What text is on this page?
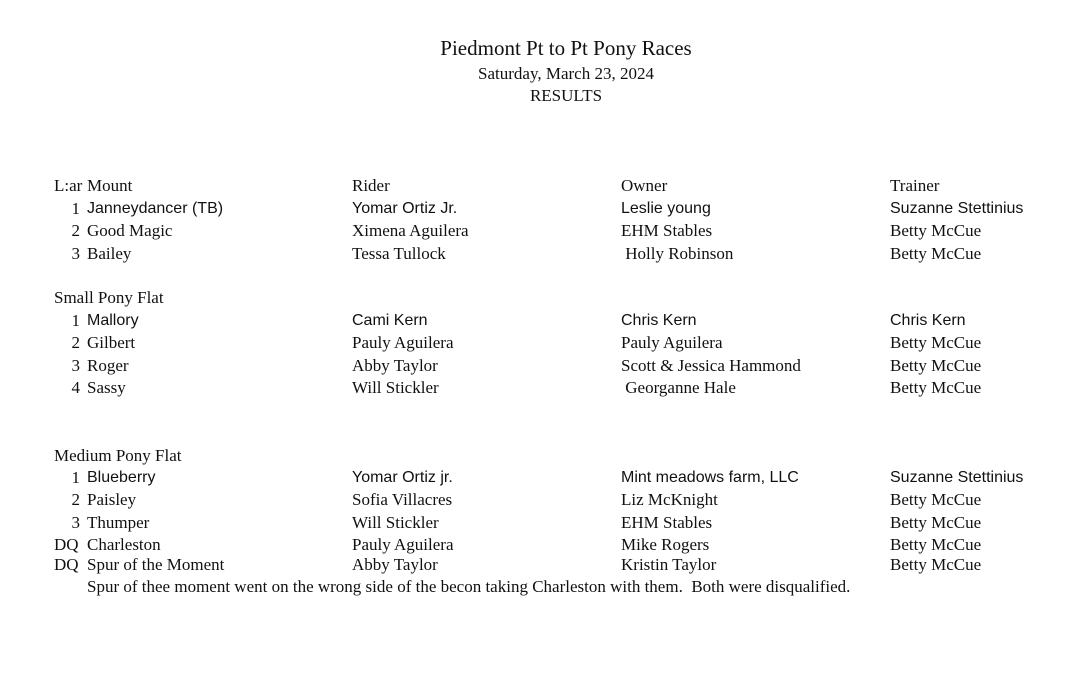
Piedmont Pt to Pt Pony Races
Saturday, March 23, 2024
RESULTS
L:ar Mount	Rider	Owner	Trainer
1 Janneydancer (TB)	Yomar Ortiz Jr.	Leslie young	Suzanne Stettinius
2 Good Magic	Ximena Aguilera	EHM Stables	Betty McCue
3 Bailey	Tessa Tullock	Holly Robinson	Betty McCue
Small Pony Flat
1 Mallory	Cami Kern	Chris Kern	Chris Kern
2 Gilbert	Pauly Aguilera	Pauly Aguilera	Betty McCue
3 Roger	Abby Taylor	Scott & Jessica Hammond	Betty McCue
4 Sassy	Will Stickler	Georganne Hale	Betty McCue
Medium Pony Flat
1 Blueberry	Yomar Ortiz jr.	Mint meadows farm, LLC	Suzanne Stettinius
2 Paisley	Sofia Villacres	Liz McKnight	Betty McCue
3 Thumper	Will Stickler	EHM Stables	Betty McCue
DQ Charleston	Pauly Aguilera	Mike Rogers	Betty McCue
DQ Spur of the Moment	Abby Taylor	Kristin Taylor	Betty McCue
Spur of thee moment went on the wrong side of the becon taking Charleston with them.  Both were disqualified.
